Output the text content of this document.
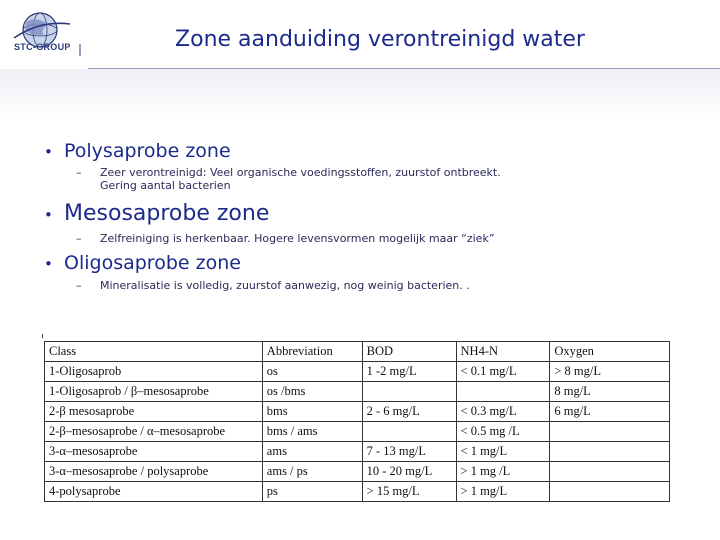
STC-GROUP	Zone aanduiding verontreinigd water
• Polysaprobe zone
– Zeer verontreinigd: Veel organische voedingsstoffen, zuurstof ontbreekt.
Gering aantal bacterien
• Mesosaprobe zone
– Zelfreiniging is herkenbaar. Hogere levensvormen mogelijk maar “ziek”
• Oligosaprobe zone
– Mineralisatie is volledig, zuurstof aanwezig, nog weinig bacterien. .
Class	Abbreviation	BOD	NH4-N	Oxygen
1-Oligosaprob	os	1 -2 mg/L	< 0.1 mg/L	> 8 mg/L
1-Oligosaprob / β–mesosaprobe	os /bms			8 mg/L
2-β mesosaprobe	bms	2 - 6 mg/L	< 0.3 mg/L	6 mg/L
2-β–mesosaprobe / α–mesosaprobe	bms / ams		< 0.5 mg /L	
3-α–mesosaprobe	ams	7 - 13 mg/L	< 1 mg/L	
3-α–mesosaprobe / polysaprobe	ams / ps	10 - 20 mg/L	> 1 mg /L	
4-polysaprobe	ps	> 15 mg/L	> 1 mg/L	
